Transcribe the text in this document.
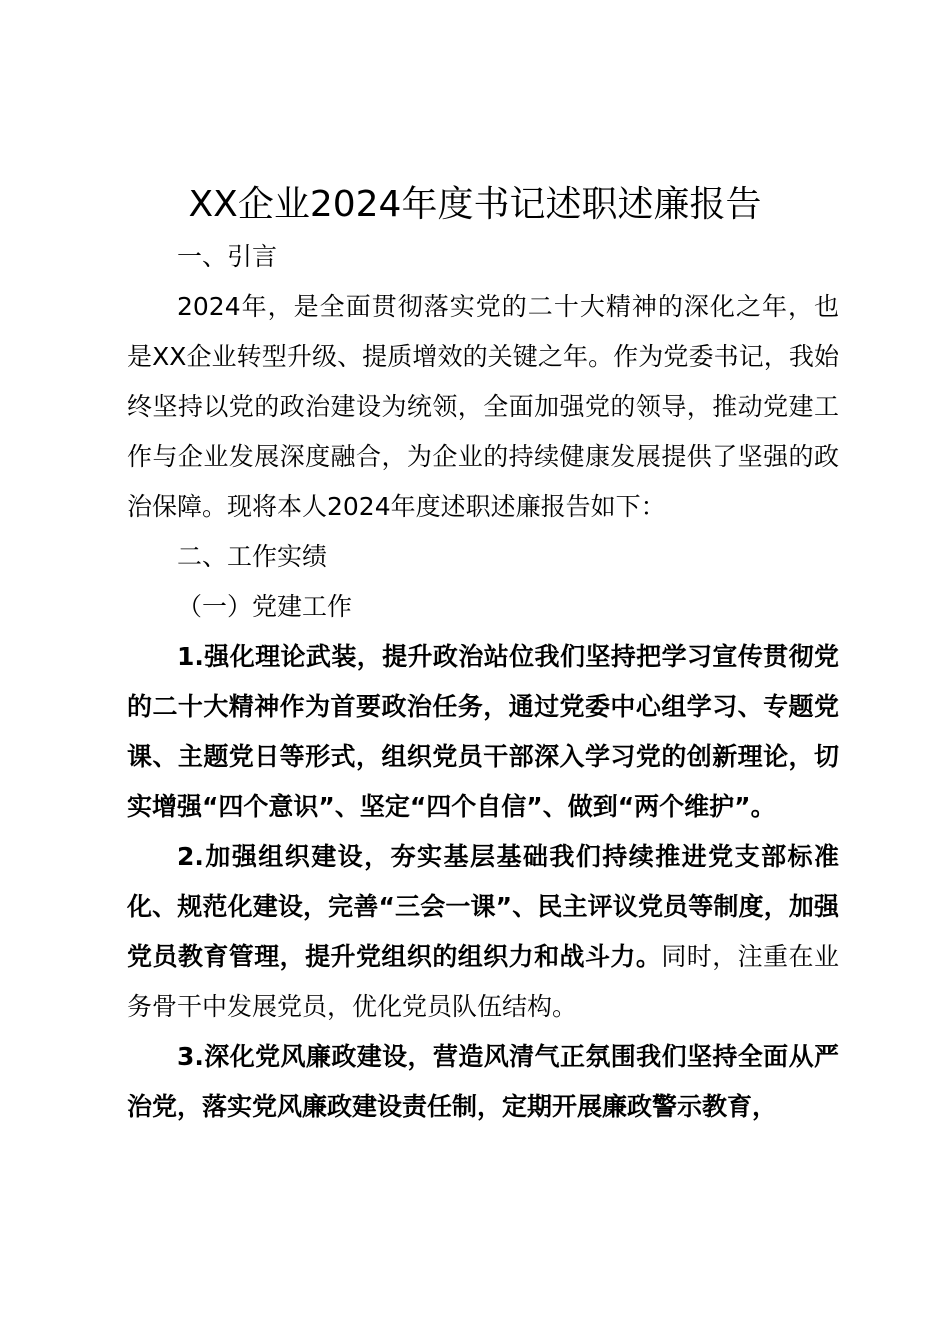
XX企业2024年度书记述职述廉报告

一、引言

2024年，是全面贯彻落实党的二十大精神的深化之年，也是XX企业转型升级、提质增效的关键之年。作为党委书记，我始终坚持以党的政治建设为统领，全面加强党的领导，推动党建工作与企业发展深度融合，为企业的持续健康发展提供了坚强的政治保障。现将本人2024年度述职述廉报告如下：

二、工作实绩

（一）党建工作

1.强化理论武装，提升政治站位我们坚持把学习宣传贯彻党的二十大精神作为首要政治任务，通过党委中心组学习、专题党课、主题党日等形式，组织党员干部深入学习党的创新理论，切实增强“四个意识”、坚定“四个自信”、做到“两个维护”。

2.加强组织建设，夯实基层基础我们持续推进党支部标准化、规范化建设，完善“三会一课”、民主评议党员等制度，加强党员教育管理，提升党组织的组织力和战斗力。同时，注重在业务骨干中发展党员，优化党员队伍结构。

3.深化党风廉政建设，营造风清气正氛围我们坚持全面从严治党，落实党风廉政建设责任制，定期开展廉政警示教育，
